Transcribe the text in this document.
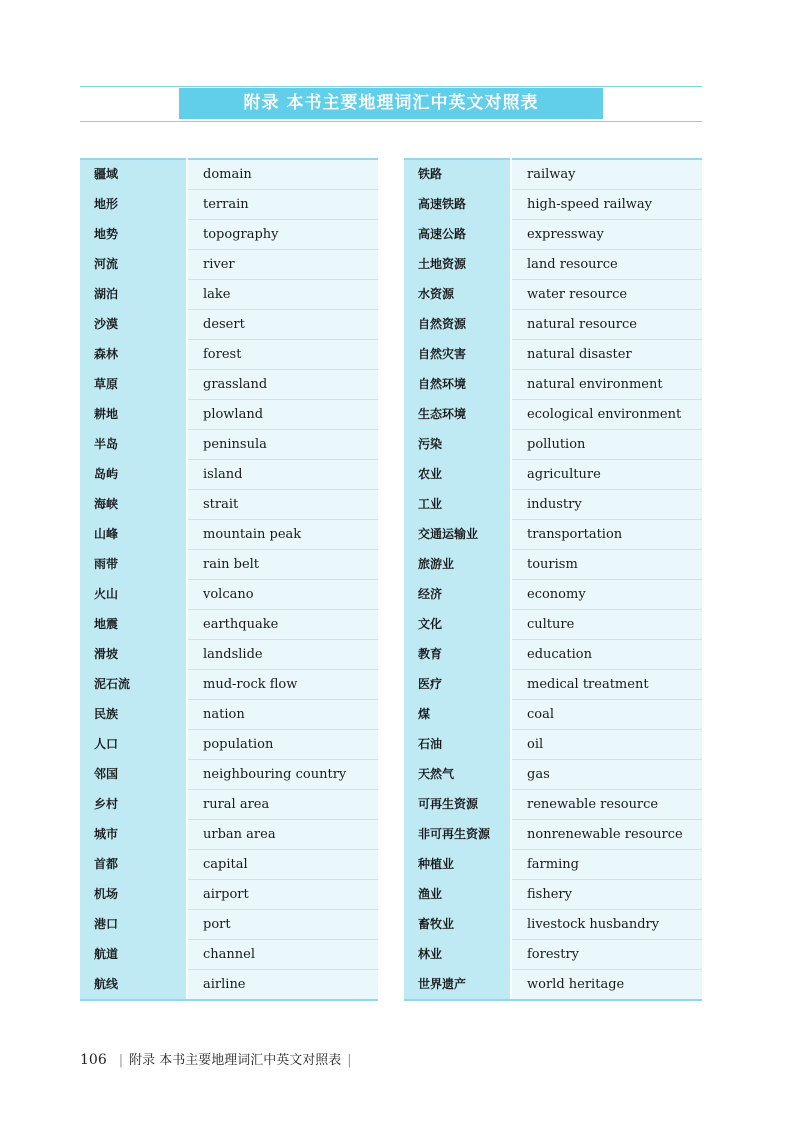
附录 本书主要地理词汇中英文对照表
疆域	domain
地形	terrain
地势	topography
河流	river
湖泊	lake
沙漠	desert
森林	forest
草原	grassland
耕地	plowland
半岛	peninsula
岛屿	island
海峡	strait
山峰	mountain peak
雨带	rain belt
火山	volcano
地震	earthquake
滑坡	landslide
泥石流	mud-rock flow
民族	nation
人口	population
邻国	neighbouring country
乡村	rural area
城市	urban area
首都	capital
机场	airport
港口	port
航道	channel
航线	airline
铁路	railway
高速铁路	high-speed railway
高速公路	expressway
土地资源	land resource
水资源	water resource
自然资源	natural resource
自然灾害	natural disaster
自然环境	natural environment
生态环境	ecological environment
污染	pollution
农业	agriculture
工业	industry
交通运输业	transportation
旅游业	tourism
经济	economy
文化	culture
教育	education
医疗	medical treatment
煤	coal
石油	oil
天然气	gas
可再生资源	renewable resource
非可再生资源	nonrenewable resource
种植业	farming
渔业	fishery
畜牧业	livestock husbandry
林业	forestry
世界遗产	world heritage
106 | 附录 本书主要地理词汇中英文对照表 |
